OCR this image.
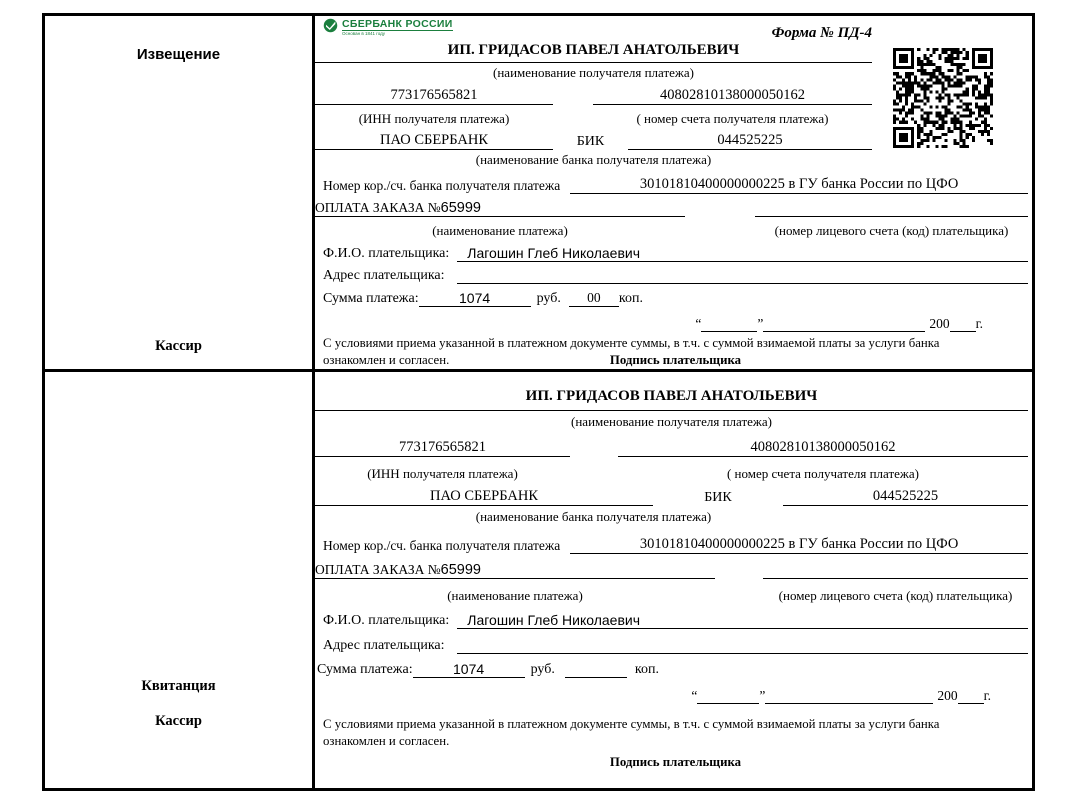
Извещение
Кассир
СБЕРБАНК РОССИИ
Основан в 1841 году	Форма № ПД-4
ИП. ГРИДАСОВ ПАВЕЛ АНАТОЛЬЕВИЧ
(наименование получателя платежа)
773176565821	40802810138000050162
(ИНН получателя платежа)	( номер счета получателя платежа)
ПАО СБЕРБАНК	БИК	044525225
(наименование банка получателя платежа)
Номер кор./сч. банка получателя платежа	30101810400000000225 в ГУ банка России по ЦФО
ОПЛАТА ЗАКАЗА №65999
(наименование платежа)	(номер лицевого счета (код) плательщика)
Ф.И.О. плательщика:	Лагошин Глеб Николаевич
Адрес плательщика:
Сумма платежа:	1074	руб.	00	коп.
“	”	200 г.
С условиями приема указанной в платежном документе суммы, в т.ч. с суммой взимаемой платы за услуги банка
ознакомлен и согласен.	Подпись плательщика
Квитанция
Кассир
ИП. ГРИДАСОВ ПАВЕЛ АНАТОЛЬЕВИЧ
(наименование получателя платежа)
773176565821	40802810138000050162
(ИНН получателя платежа)	( номер счета получателя платежа)
ПАО СБЕРБАНК	БИК	044525225
(наименование банка получателя платежа)
Номер кор./сч. банка получателя платежа	30101810400000000225 в ГУ банка России по ЦФО
ОПЛАТА ЗАКАЗА №65999
(наименование платежа)	(номер лицевого счета (код) плательщика)
Ф.И.О. плательщика:	Лагошин Глеб Николаевич
Адрес плательщика:
Сумма платежа:	1074	руб.	коп.
“	”	200 г.
С условиями приема указанной в платежном документе суммы, в т.ч. с суммой взимаемой платы за услуги банка
ознакомлен и согласен.
Подпись плательщика
